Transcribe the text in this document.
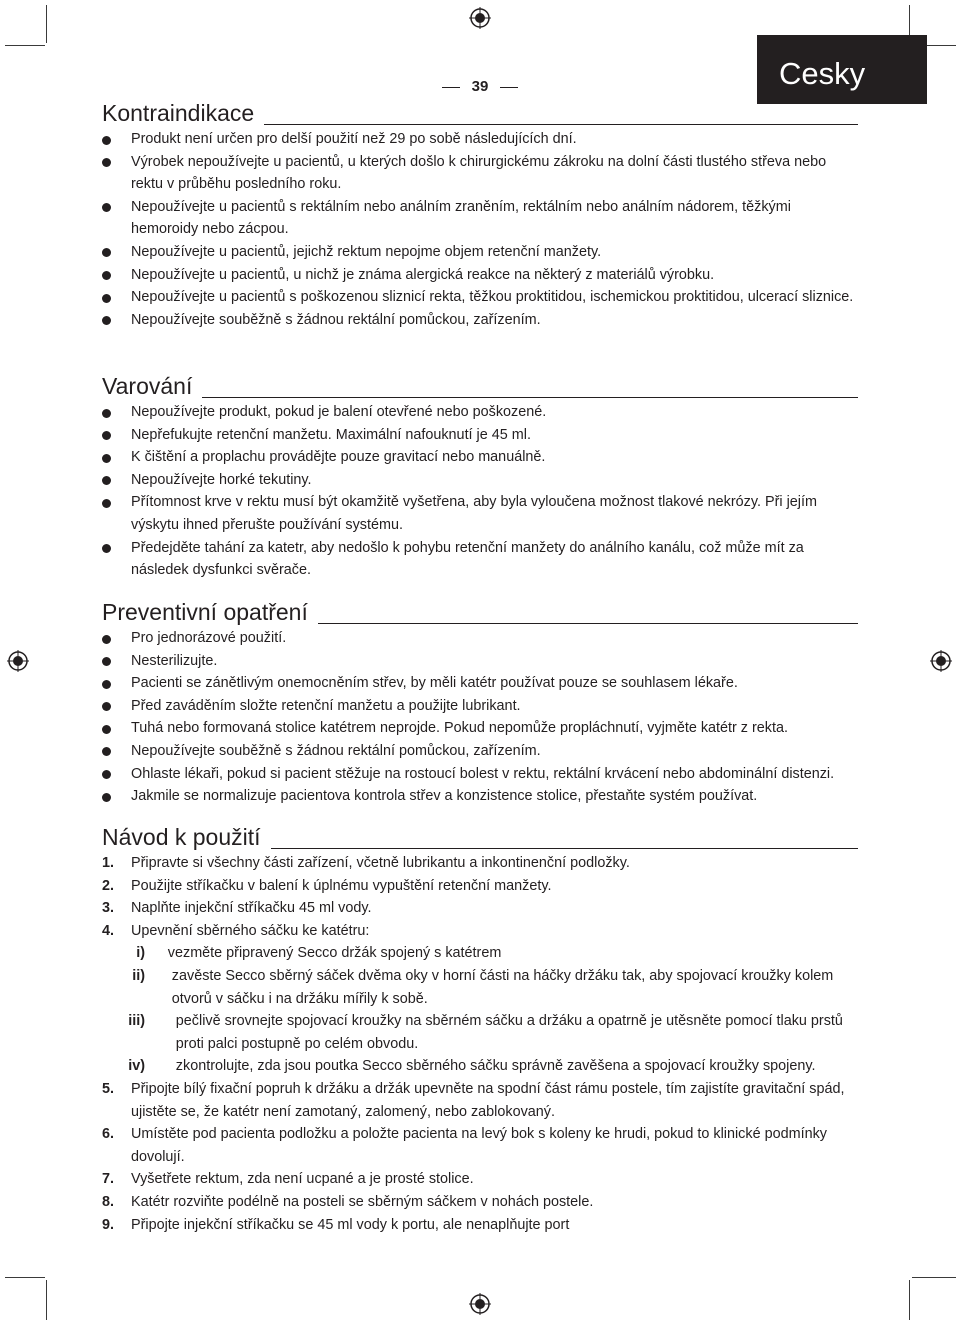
39	Cesky
Kontraindikace
Produkt není určen pro delší použití než 29 po sobě následujících dní.
Výrobek nepoužívejte u pacientů, u kterých došlo k chirurgickému zákroku na dolní části tlustého střeva nebo rektu v průběhu posledního roku.
Nepoužívejte u pacientů s rektálním nebo análním zraněním, rektálním nebo análním nádorem, těžkými hemoroidy nebo zácpou.
Nepoužívejte u pacientů, jejichž rektum nepojme objem retenční manžety.
Nepoužívejte u pacientů, u nichž je známa alergická reakce na některý z materiálů výrobku.
Nepoužívejte u pacientů s poškozenou sliznicí rekta, těžkou proktitidou, ischemickou proktitidou, ulcerací sliznice.
Nepoužívejte souběžně s žádnou rektální pomůckou, zařízením.
Varování
Nepoužívejte produkt, pokud je balení otevřené nebo poškozené.
Nepřefukujte retenční manžetu. Maximální nafouknutí je 45 ml.
K čištění a proplachu provádějte pouze gravitací nebo manuálně.
Nepoužívejte horké tekutiny.
Přítomnost krve v rektu musí být okamžitě vyšetřena, aby byla vyloučena možnost tlakové nekrózy. Při jejím výskytu ihned přerušte používání systému.
Předejděte tahání za katetr, aby nedošlo k pohybu retenční manžety do análního kanálu, což může mít za následek dysfunkci svěrače.
Preventivní opatření
Pro jednorázové použití.
Nesterilizujte.
Pacienti se zánětlivým onemocněním střev, by měli katétr používat pouze se souhlasem lékaře.
Před zaváděním složte retenční manžetu a použijte lubrikant.
Tuhá nebo formovaná stolice katétrem neprojde. Pokud nepomůže propláchnutí, vyjměte katétr z rekta.
Nepoužívejte souběžně s žádnou rektální pomůckou, zařízením.
Ohlaste lékaři, pokud si pacient stěžuje na rostoucí bolest v rektu, rektální krvácení nebo abdominální distenzi.
Jakmile se normalizuje pacientova kontrola střev a konzistence stolice, přestaňte systém používat.
Návod k použití
1. Připravte si všechny části zařízení, včetně lubrikantu a inkontinenční podložky.
2. Použijte stříkačku v balení k úplnému vypuštění retenční manžety.
3. Naplňte injekční stříkačku 45 ml vody.
4. Upevnění sběrného sáčku ke katétru:
i) vezměte připravený Secco držák spojený s katétrem
ii) zavěste Secco sběrný sáček dvěma oky v horní části na háčky držáku tak, aby spojovací kroužky kolem otvorů v sáčku i na držáku mířily k sobě.
iii) pečlivě srovnejte spojovací kroužky na sběrném sáčku a držáku a opatrně je utěsněte pomocí tlaku prstů proti palci postupně po celém obvodu.
iv) zkontrolujte, zda jsou poutka Secco sběrného sáčku správně zavěšena a spojovací kroužky spojeny.
5. Připojte bílý fixační popruh k držáku a držák upevněte na spodní část rámu postele, tím zajistíte gravitační spád, ujistěte se, že katétr není zamotaný, zalomený, nebo zablokovaný.
6. Umístěte pod pacienta podložku a položte pacienta na levý bok s koleny ke hrudi, pokud to klinické podmínky dovolují.
7. Vyšetřete rektum, zda není ucpané a je prosté stolice.
8. Katétr rozviňte podélně na posteli se sběrným sáčkem v nohách postele.
9. Připojte injekční stříkačku se 45 ml vody k portu, ale nenaplňujte port
